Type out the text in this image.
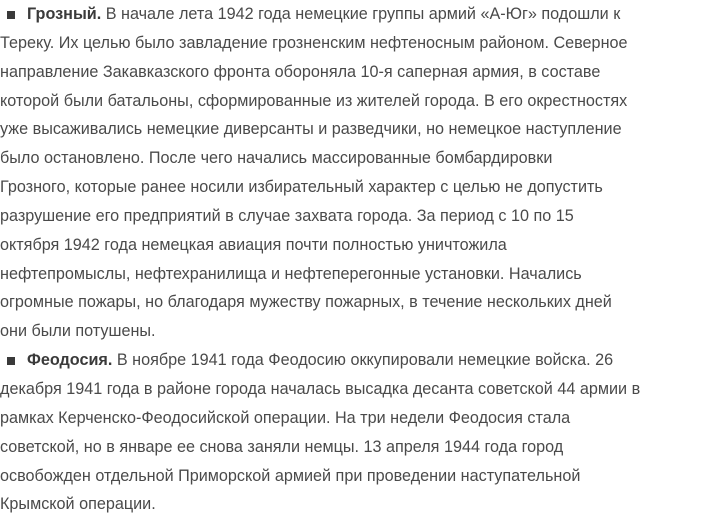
Грозный. В начале лета 1942 года немецкие группы армий «А-Юг» подошли к
Тереку. Их целью было завладение грозненским нефтеносным районом. Северное
направление Закавказского фронта обороняла 10-я саперная армия, в составе
которой были батальоны, сформированные из жителей города. В его окрестностях
уже высаживались немецкие диверсанты и разведчики, но немецкое наступление
было остановлено. После чего начались массированные бомбардировки
Грозного, которые ранее носили избирательный характер с целью не допустить
разрушение его предприятий в случае захвата города. За период с 10 по 15
октября 1942 года немецкая авиация почти полностью уничтожила
нефтепромыслы, нефтехранилища и нефтеперегонные установки. Начались
огромные пожары, но благодаря мужеству пожарных, в течение нескольких дней
они были потушены.
Феодосия. В ноябре 1941 года Феодосию оккупировали немецкие войска. 26
декабря 1941 года в районе города началась высадка десанта советской 44 армии в
рамках Керченско-Феодосийской операции. На три недели Феодосия стала
советской, но в январе ее снова заняли немцы. 13 апреля 1944 года город
освобожден отдельной Приморской армией при проведении наступательной
Крымской операции.
